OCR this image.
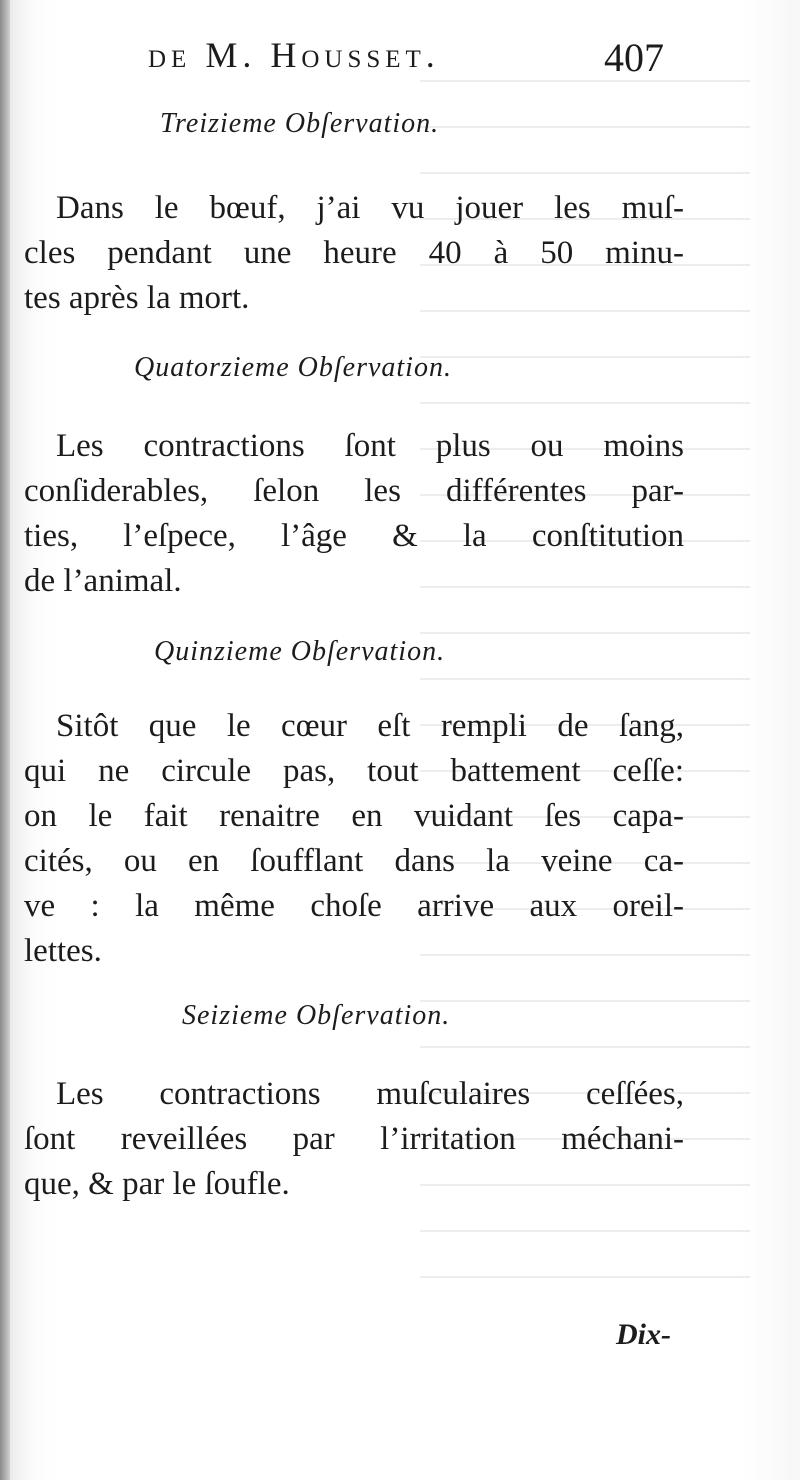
de M. Housset.	407
Treizieme Obſervation.
Dans le bœuf, j’ai vu jouer les muſ-
cles pendant une heure 40 à 50 minu-
tes après la mort.
Quatorzieme Obſervation.
Les contractions ſont plus ou moins
conſiderables, ſelon les différentes par-
ties, l’eſpece, l’âge & la conſtitution
de l’animal.
Quinzieme Obſervation.
Sitôt que le cœur eſt rempli de ſang,
qui ne circule pas, tout battement ceſſe:
on le fait renaitre en vuidant ſes capa-
cités, ou en ſoufflant dans la veine ca-
ve : la même choſe arrive aux oreil-
lettes.
Seizieme Obſervation.
Les contractions muſculaires ceſſées,
ſont reveillées par l’irritation méchani-
que, & par le ſoufle.
Dix-
